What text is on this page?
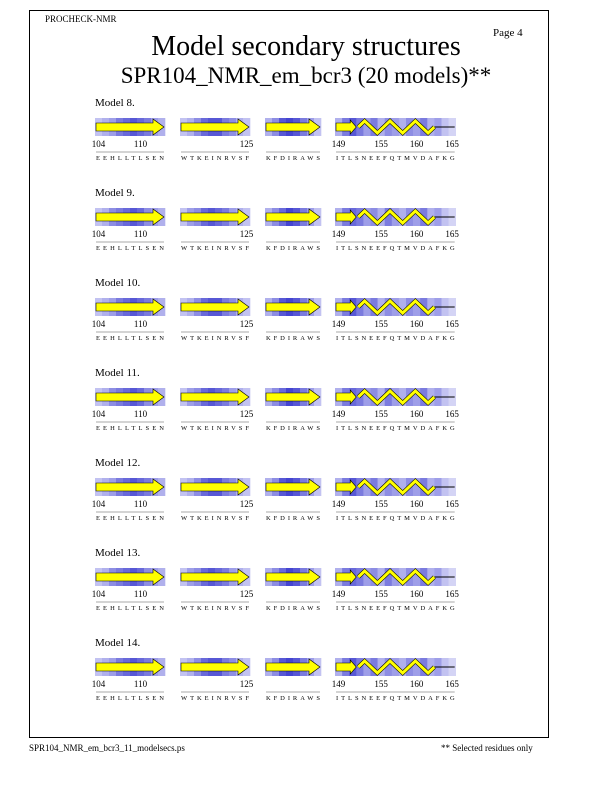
PROCHECK-NMR
Page 4
Model secondary structures
SPR104_NMR_em_bcr3 (20 models)**
Model 8.
104	110
EEHLLTLSEN
125
WTKEINRVSF	KFDIRAWS
149	155 160 165
ITLSNEEFQTMVDAFKG
Model 9.
104	110
EEHLLTLSEN
125
WTKEINRVSF	KFDIRAWS
149	155 160 165
ITLSNEEFQTMVDAFKG
Model 10.
104	110
EEHLLTLSEN
125
WTKEINRVSF	KFDIRAWS
149	155 160 165
ITLSNEEFQTMVDAFKG
Model 11.
104	110
EEHLLTLSEN
125
WTKEINRVSF	KFDIRAWS
149	155 160 165
ITLSNEEFQTMVDAFKG
Model 12.
104	110
EEHLLTLSEN
125
WTKEINRVSF	KFDIRAWS
149	155 160 165
ITLSNEEFQTMVDAFKG
Model 13.
104	110
EEHLLTLSEN
125
WTKEINRVSF	KFDIRAWS
149	155 160 165
ITLSNEEFQTMVDAFKG
Model 14.
104	110
EEHLLTLSEN
125
WTKEINRVSF	KFDIRAWS
149	155 160 165
ITLSNEEFQTMVDAFKG
SPR104_NMR_em_bcr3_11_modelsecs.ps	** Selected residues only
